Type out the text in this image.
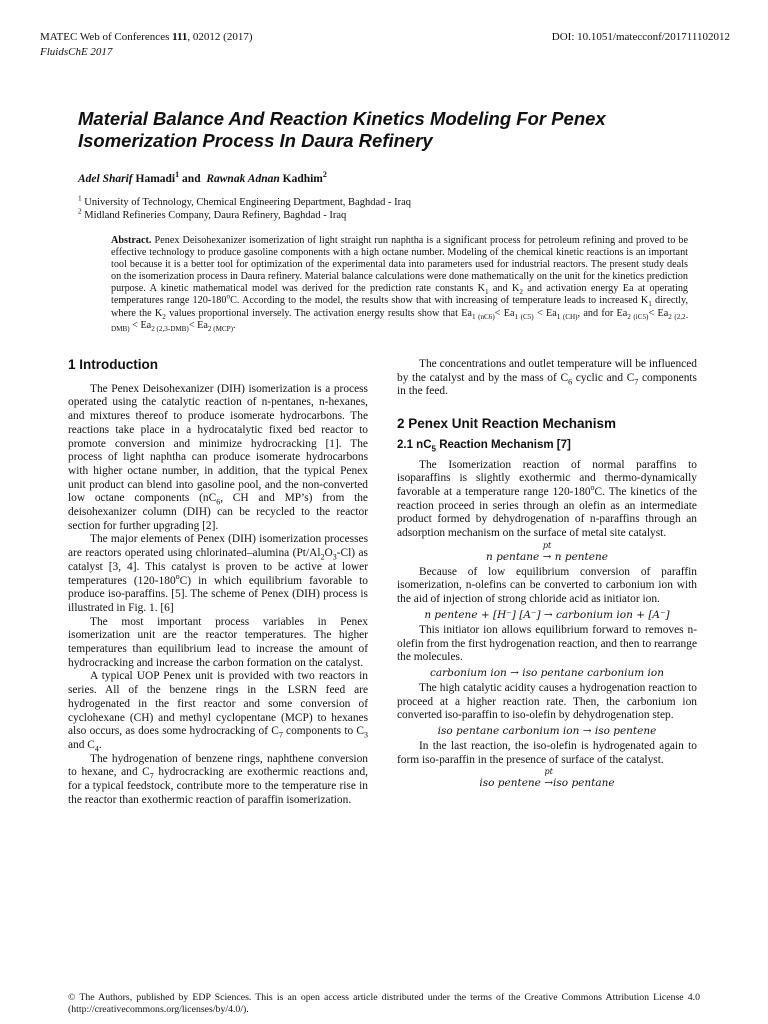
MATEC Web of Conferences 111, 02012 (2017)	DOI: 10.1051/matecconf/201711102012
FluidsChE 2017
Material Balance And Reaction Kinetics Modeling For Penex Isomerization Process In Daura Refinery
Adel Sharif Hamadi$^1$ and Rawnak Adnan Kadhim$^2$
$^1$ University of Technology, Chemical Engineering Department, Baghdad - Iraq
$^2$ Midland Refineries Company, Daura Refinery, Baghdad - Iraq
Abstract. Penex Deisohexanizer isomerization of light straight run naphtha is a significant process for petroleum refining and proved to be effective technology to produce gasoline components with a high octane number. Modeling of the chemical kinetic reactions is an important tool because it is a better tool for optimization of the experimental data into parameters used for industrial reactors. The present study deals on the isomerization process in Daura refinery. Material balance calculations were done mathematically on the unit for the kinetics prediction purpose. A kinetic mathematical model was derived for the prediction rate constants $K_1$ and $K_2$ and activation energy Ea at operating temperatures range 120-180$^o$C. According to the model, the results show that with increasing of temperature leads to increased $K_1$ directly, where the $K_2$ values proportional inversely. The activation energy results show that $Ea_{1 (nC6)}< Ea_{1 (C5)} < Ea_{1 (CH)}$, and for $Ea_{2 (iC5)}< Ea_{2 (2,2-DMB)} < Ea_{2 (2,3-DMB)}< Ea_{2 (MCP)}$.
1 Introduction

The Penex Deisohexanizer (DIH) isomerization is a process operated using the catalytic reaction of n-pentanes, n-hexanes, and mixtures thereof to produce isomerate hydrocarbons. The reactions take place in a hydrocatalytic fixed bed reactor to promote conversion and minimize hydrocracking [1]. The process of light naphtha can produce isomerate hydrocarbons with higher octane number, in addition, that the typical Penex unit product can blend into gasoline pool, and the non-converted low octane components ($nC_6$, CH and MP’s) from the deisohexanizer column (DIH) can be recycled to the reactor section for further upgrading [2].

The major elements of Penex (DIH) isomerization processes are reactors operated using chlorinated–alumina $(Pt/Al_2O_3-Cl)$ as catalyst [3, 4]. This catalyst is proven to be active at lower temperatures (120-180$^o$C) in which equilibrium favorable to produce iso-paraffins. [5]. The scheme of Penex (DIH) process is illustrated in Fig. 1. [6]

The most important process variables in Penex isomerization unit are the reactor temperatures. The higher temperatures than equilibrium lead to increase the amount of hydrocracking and increase the carbon formation on the catalyst.

A typical UOP Penex unit is provided with two reactors in series. All of the benzene rings in the LSRN feed are hydrogenated in the first reactor and some conversion of cyclohexane (CH) and methyl cyclopentane (MCP) to hexanes also occurs, as does some hydrocracking of $C_7$ components to $C_3$ and $C_4$.

The hydrogenation of benzene rings, naphthene conversion to hexane, and $C_7$ hydrocracking are exothermic reactions and, for a typical feedstock, contribute more to the temperature rise in the reactor than exothermic reaction of paraffin isomerization.

The concentrations and outlet temperature will be influenced by the catalyst and by the mass of $C_6$ cyclic and $C_7$ components in the feed.

2 Penex Unit Reaction Mechanism
2.1 $nC_5$ Reaction Mechanism [7]

The Isomerization reaction of normal paraffins to isoparaffins is slightly exothermic and thermo-dynamically favorable at a temperature range 120-180$^o$C. The kinetics of the reaction proceed in series through an olefin as an intermediate product formed by dehydrogenation of n-paraffins through an adsorption mechanism on the surface of metal site catalyst.

n pentane
pt
→ n pentene

Because of low equilibrium conversion of paraffin isomerization, n-olefins can be converted to carbonium ion with the aid of injection of strong chloride acid as initiator ion.

n pentene + [H⁻] [A⁻] → carbonium ion + [A⁻]

This initiator ion allows equilibrium forward to removes n-olefin from the first hydrogenation reaction, and then to rearrange the molecules.

carbonium ion → iso pentane carbonium ion

The high catalytic acidity causes a hydrogenation reaction to proceed at a higher reaction rate. Then, the carbonium ion converted iso-paraffin to iso-olefin by dehydrogenation step.

iso pentane carbonium ion → iso pentene

In the last reaction, the iso-olefin is hydrogenated again to form iso-paraffin in the presence of surface of the catalyst.

iso pentene
pt
→iso pentane
© The Authors, published by EDP Sciences. This is an open access article distributed under the terms of the Creative Commons Attribution License 4.0 (http://creativecommons.org/licenses/by/4.0/).
